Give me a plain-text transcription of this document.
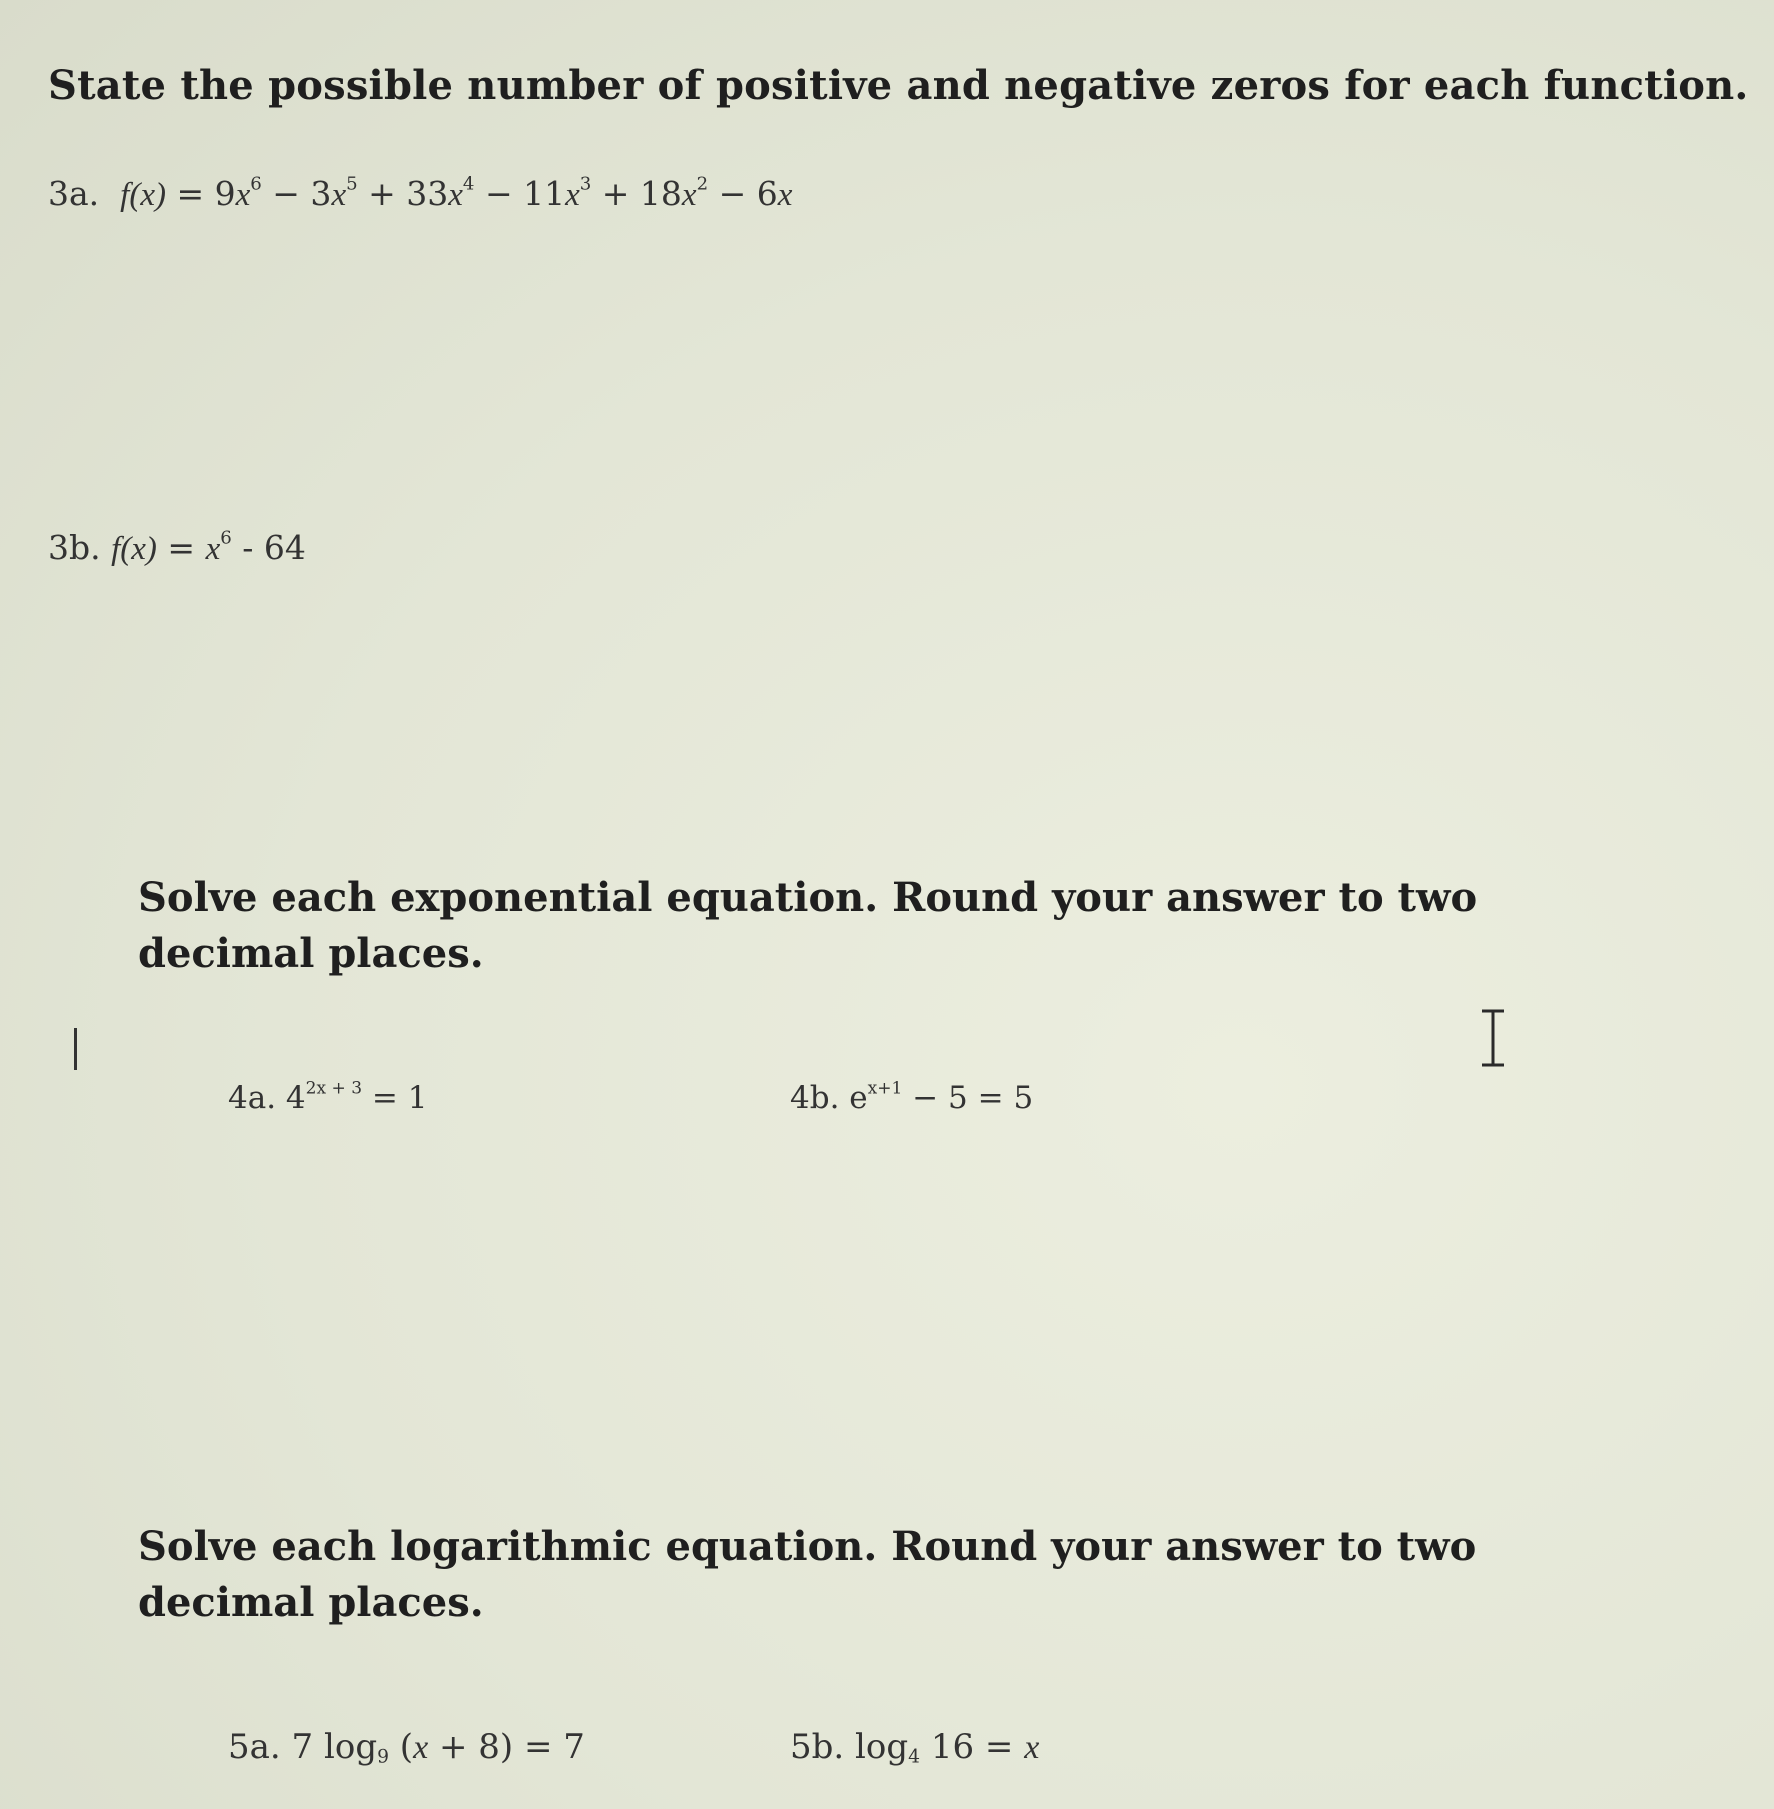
State the possible number of positive and negative zeros for each function.
3a. $f(x) = 9x^6 - 3x^5 + 33x^4 - 11x^3 + 18x^2 - 6x$
3b. $f(x) = x^6 - 64$
Solve each exponential equation. Round your answer to two
decimal places.
4a. $4^{2x + 3} = 1$	4b. $e^{x+1} - 5 = 5$
Solve each logarithmic equation. Round your answer to two
decimal places.
5a. 7 $\log_9 (x + 8) = 7$	5b. $\log_4 16 = x$
